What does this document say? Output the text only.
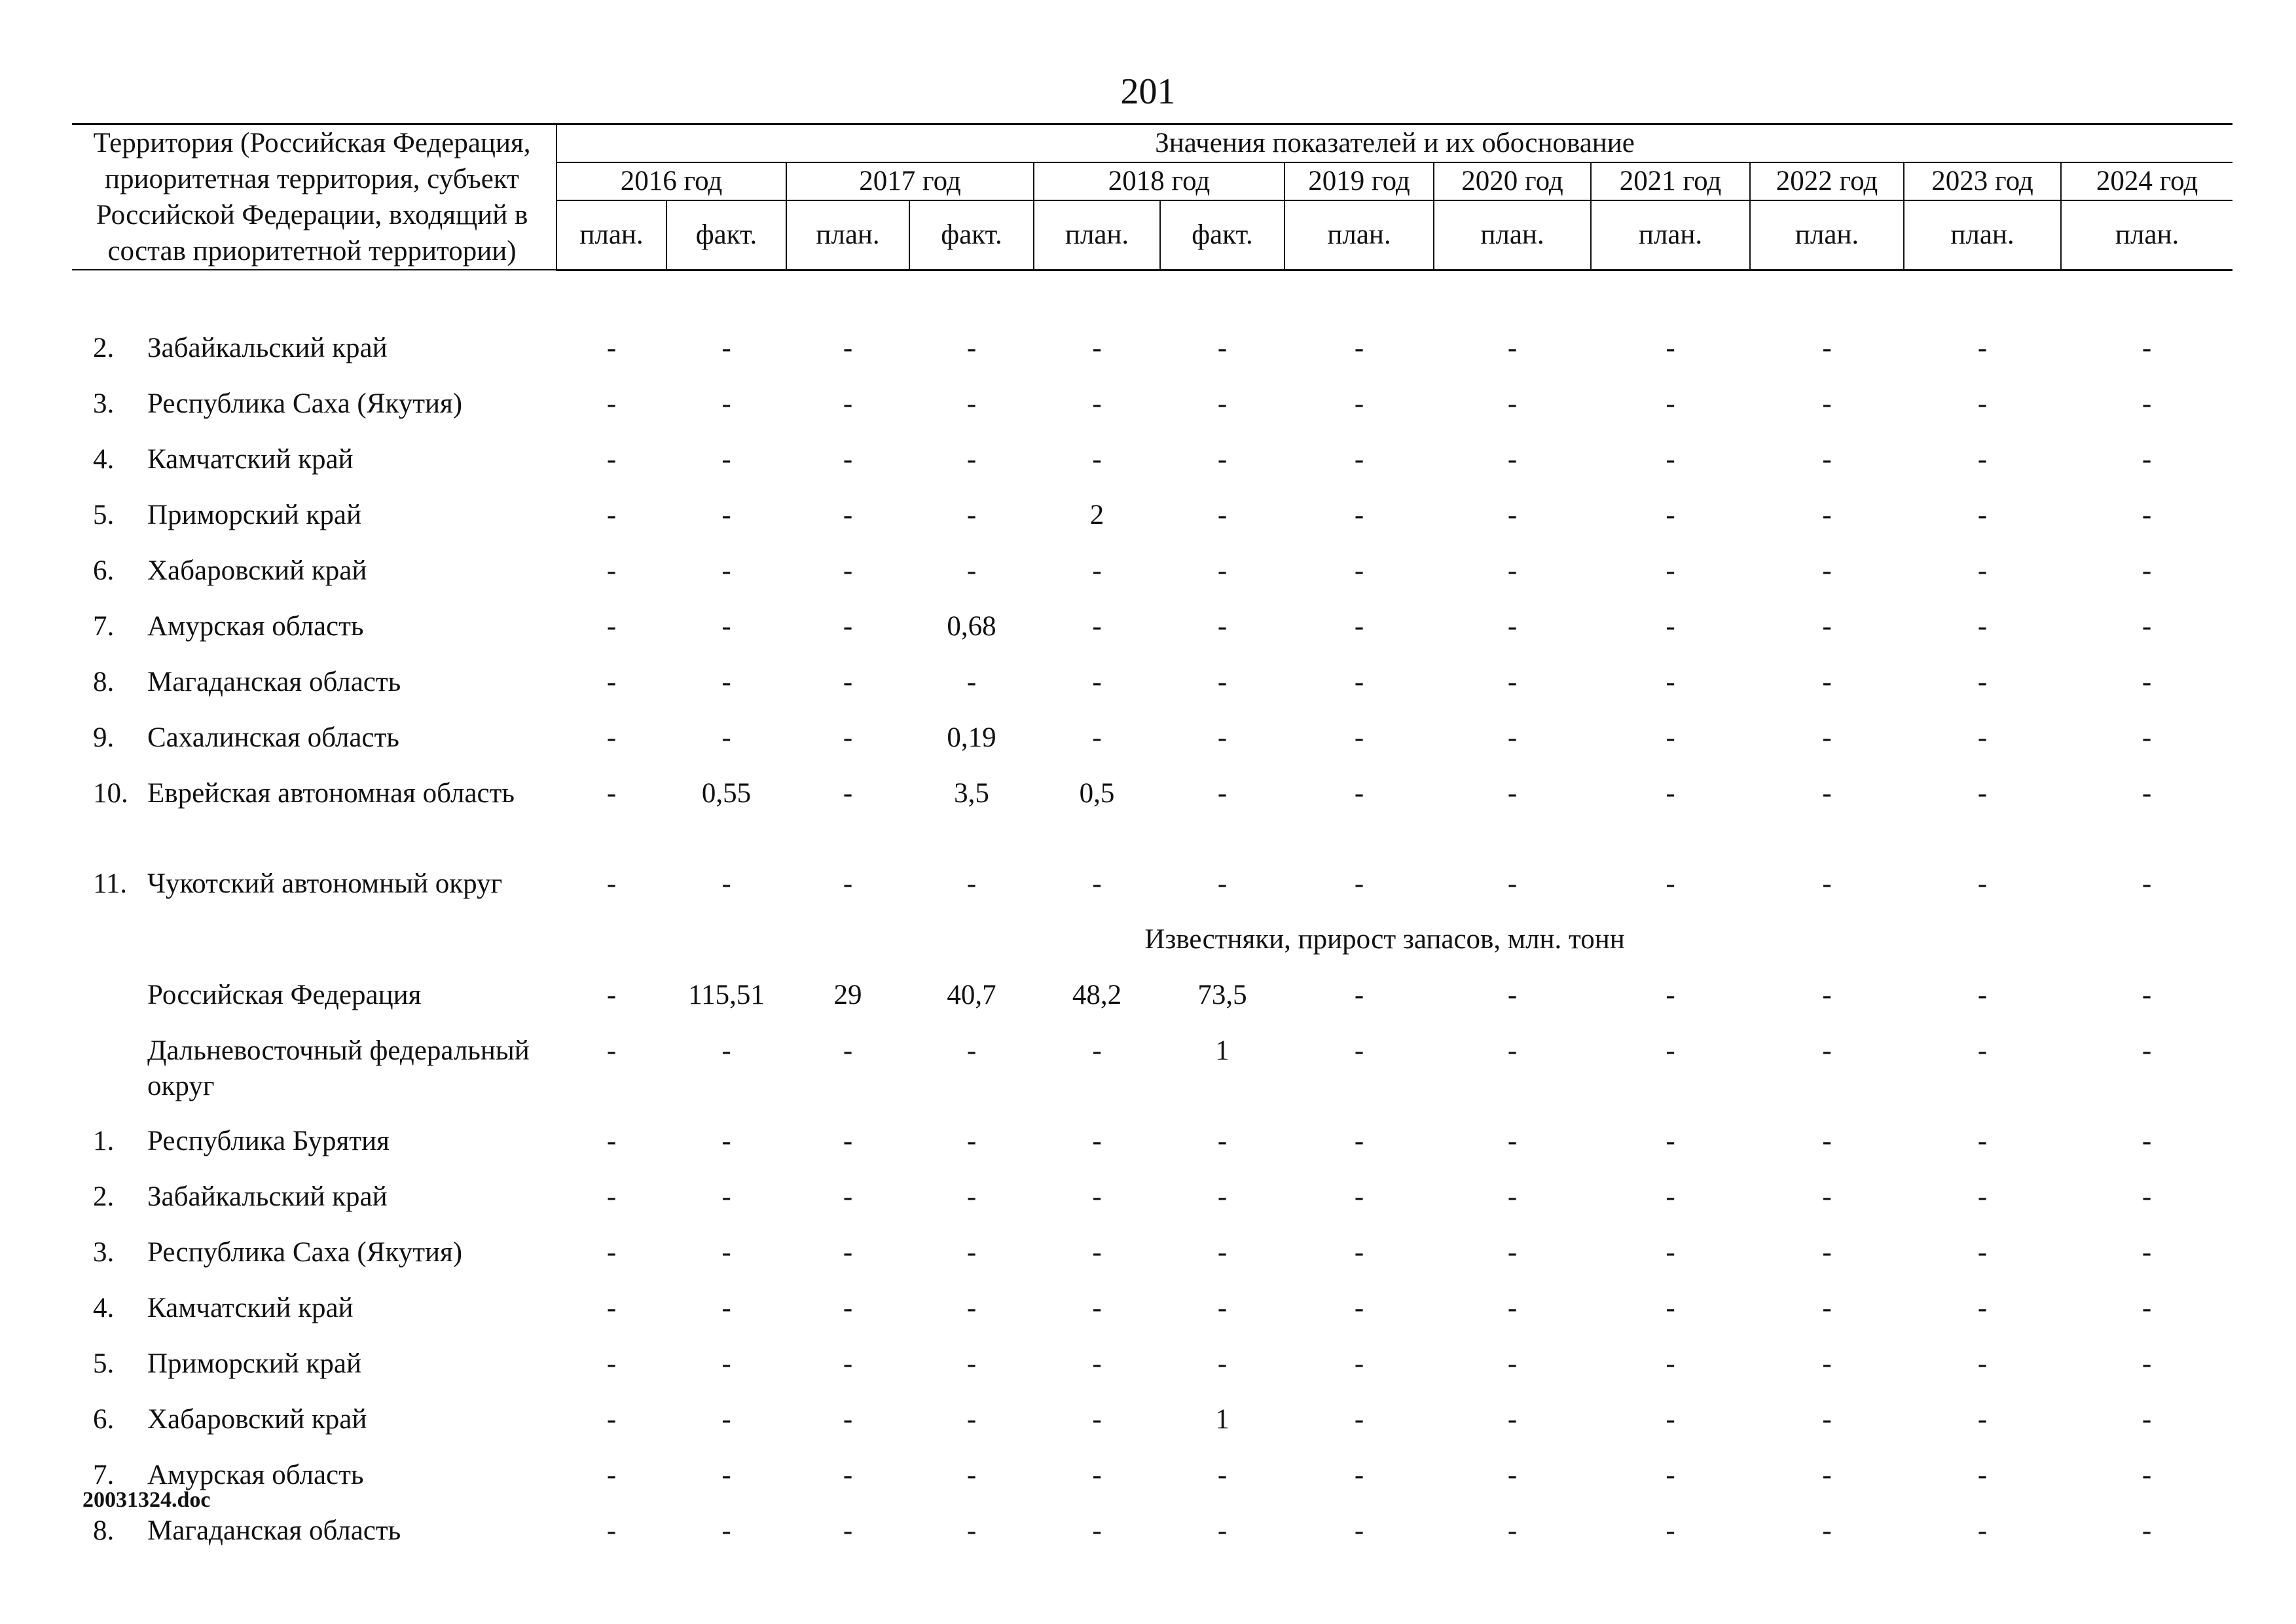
201
Территория (Российская Федерация, приоритетная территория, субъект Российской Федерации, входящий в состав приоритетной территории)		Значения показателей и их обоснование											
		2016 год		2017 год		2018 год		2019 год	2020 год	2021 год	2022 год	2023 год	2024 год
		план.	факт.	план.	факт.	план.	факт.	план.	план.	план.	план.	план.	план.

2.	Забайкальский край	-	-	-	-	-	-	-	-	-	-	-	-
3.	Республика Саха (Якутия)	-	-	-	-	-	-	-	-	-	-	-	-
4.	Камчатский край	-	-	-	-	-	-	-	-	-	-	-	-
5.	Приморский край	-	-	-	-	2	-	-	-	-	-	-	-
6.	Хабаровский край	-	-	-	-	-	-	-	-	-	-	-	-
7.	Амурская область	-	-	-	0,68	-	-	-	-	-	-	-	-
8.	Магаданская область	-	-	-	-	-	-	-	-	-	-	-	-
9.	Сахалинская область	-	-	-	0,19	-	-	-	-	-	-	-	-
10.	Еврейская автономная область	-	0,55	-	3,5	0,5	-	-	-	-	-	-	-
11.	Чукотский автономный округ	-	-	-	-	-	-	-	-	-	-	-	-
Известняки, прирост запасов, млн. тонн													
	Российская Федерация	-	115,51	29	40,7	48,2	73,5	-	-	-	-	-	-
	Дальневосточный федеральный округ	-	-	-	-	-	1	-	-	-	-	-	-
1.	Республика Бурятия	-	-	-	-	-	-	-	-	-	-	-	-
2.	Забайкальский край	-	-	-	-	-	-	-	-	-	-	-	-
3.	Республика Саха (Якутия)	-	-	-	-	-	-	-	-	-	-	-	-
4.	Камчатский край	-	-	-	-	-	-	-	-	-	-	-	-
5.	Приморский край	-	-	-	-	-	-	-	-	-	-	-	-
6.	Хабаровский край	-	-	-	-	-	1	-	-	-	-	-	-
7.	Амурская область	-	-	-	-	-	-	-	-	-	-	-	-
8.	Магаданская область	-	-	-	-	-	-	-	-	-	-	-	-
20031324.doc
